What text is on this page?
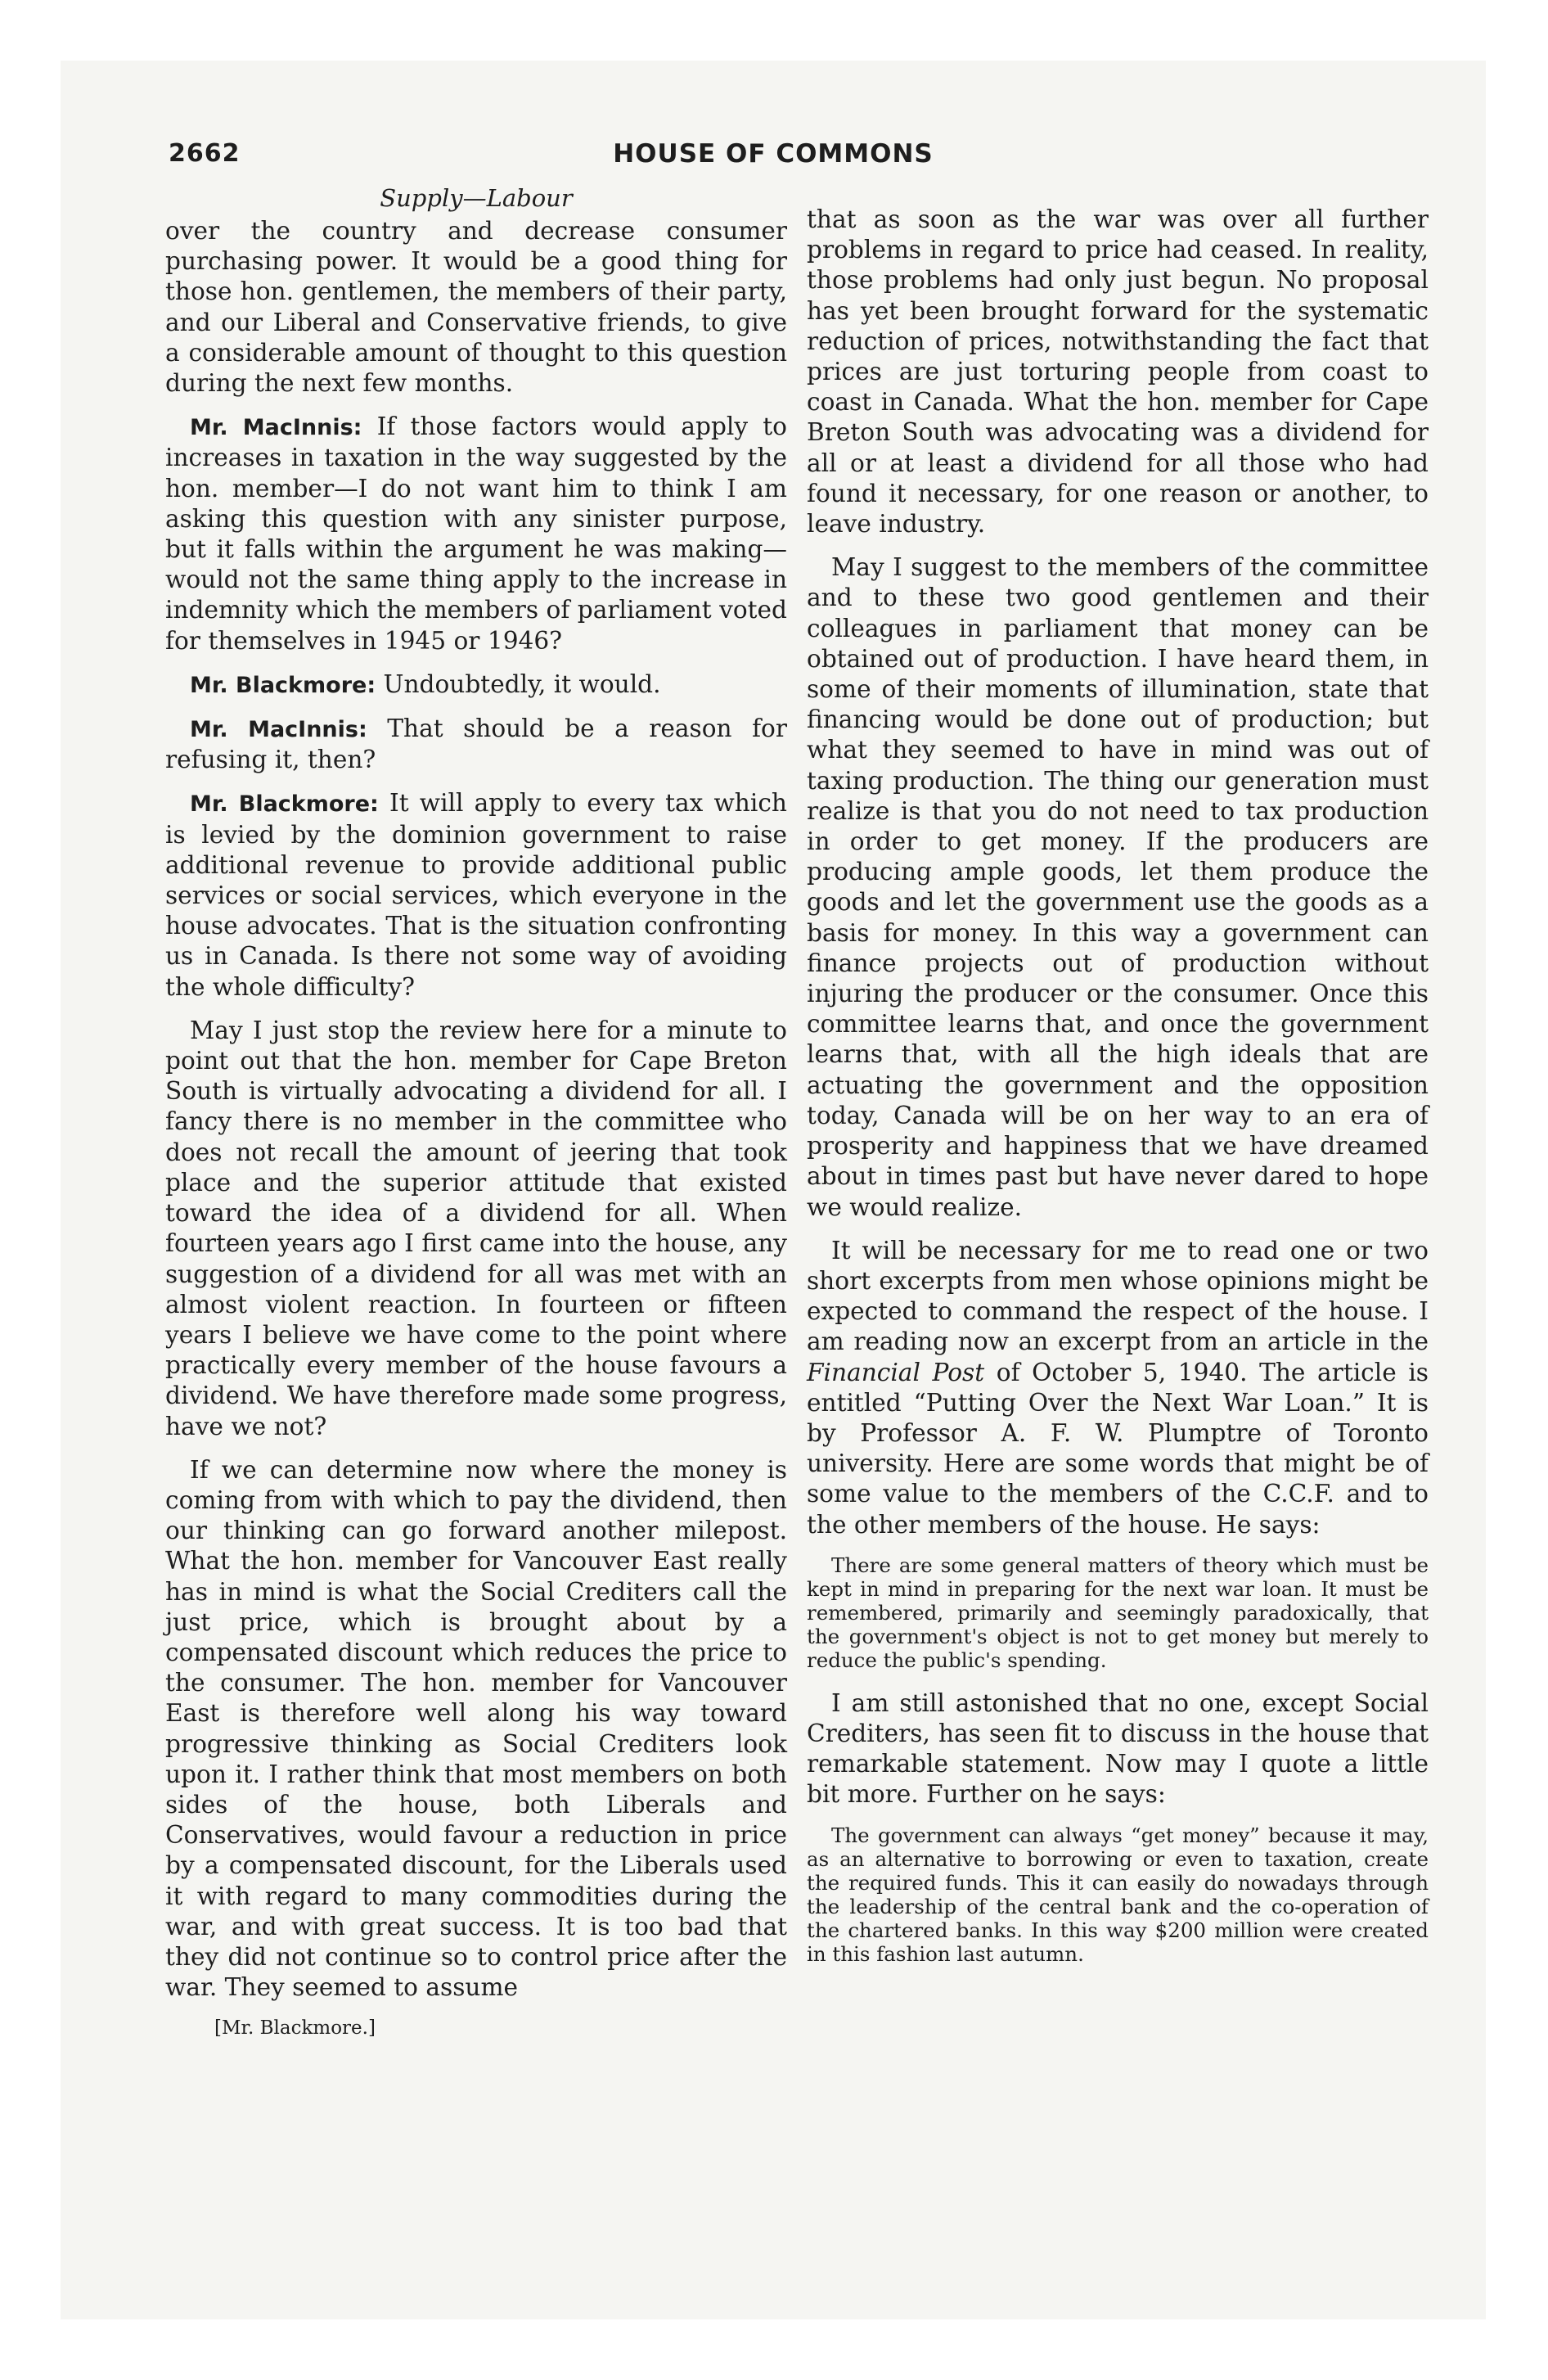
2662	HOUSE OF COMMONS

Supply—Labour

over the country and decrease consumer purchasing power. It would be a good thing for those hon. gentlemen, the members of their party, and our Liberal and Conservative friends, to give a considerable amount of thought to this question during the next few months.

Mr. MacInnis: If those factors would apply to increases in taxation in the way suggested by the hon. member—I do not want him to think I am asking this question with any sinister purpose, but it falls within the argument he was making—would not the same thing apply to the increase in indemnity which the members of parliament voted for themselves in 1945 or 1946?

Mr. Blackmore: Undoubtedly, it would.

Mr. MacInnis: That should be a reason for refusing it, then?

Mr. Blackmore: It will apply to every tax which is levied by the dominion government to raise additional revenue to provide additional public services or social services, which everyone in the house advocates. That is the situation confronting us in Canada. Is there not some way of avoiding the whole difficulty?

May I just stop the review here for a minute to point out that the hon. member for Cape Breton South is virtually advocating a dividend for all. I fancy there is no member in the committee who does not recall the amount of jeering that took place and the superior attitude that existed toward the idea of a dividend for all. When fourteen years ago I first came into the house, any suggestion of a dividend for all was met with an almost violent reaction. In fourteen or fifteen years I believe we have come to the point where practically every member of the house favours a dividend. We have therefore made some progress, have we not?

If we can determine now where the money is coming from with which to pay the dividend, then our thinking can go forward another milepost. What the hon. member for Vancouver East really has in mind is what the Social Crediters call the just price, which is brought about by a compensated discount which reduces the price to the consumer. The hon. member for Vancouver East is therefore well along his way toward progressive thinking as Social Crediters look upon it. I rather think that most members on both sides of the house, both Liberals and Conservatives, would favour a reduction in price by a compensated discount, for the Liberals used it with regard to many commodities during the war, and with great success. It is too bad that they did not continue so to control price after the war. They seemed to assume

[Mr. Blackmore.]

that as soon as the war was over all further problems in regard to price had ceased. In reality, those problems had only just begun. No proposal has yet been brought forward for the systematic reduction of prices, notwithstanding the fact that prices are just torturing people from coast to coast in Canada. What the hon. member for Cape Breton South was advocating was a dividend for all or at least a dividend for all those who had found it necessary, for one reason or another, to leave industry.

May I suggest to the members of the committee and to these two good gentlemen and their colleagues in parliament that money can be obtained out of production. I have heard them, in some of their moments of illumination, state that financing would be done out of production; but what they seemed to have in mind was out of taxing production. The thing our generation must realize is that you do not need to tax production in order to get money. If the producers are producing ample goods, let them produce the goods and let the government use the goods as a basis for money. In this way a government can finance projects out of production without injuring the producer or the consumer. Once this committee learns that, and once the government learns that, with all the high ideals that are actuating the government and the opposition today, Canada will be on her way to an era of prosperity and happiness that we have dreamed about in times past but have never dared to hope we would realize.

It will be necessary for me to read one or two short excerpts from men whose opinions might be expected to command the respect of the house. I am reading now an excerpt from an article in the Financial Post of October 5, 1940. The article is entitled “Putting Over the Next War Loan.” It is by Professor A. F. W. Plumptre of Toronto university. Here are some words that might be of some value to the members of the C.C.F. and to the other members of the house. He says:

There are some general matters of theory which must be kept in mind in preparing for the next war loan. It must be remembered, primarily and seemingly paradoxically, that the government's object is not to get money but merely to reduce the public's spending.

I am still astonished that no one, except Social Crediters, has seen fit to discuss in the house that remarkable statement. Now may I quote a little bit more. Further on he says:

The government can always “get money” because it may, as an alternative to borrowing or even to taxation, create the required funds. This it can easily do nowadays through the leadership of the central bank and the co-operation of the chartered banks. In this way $200 million were created in this fashion last autumn.
